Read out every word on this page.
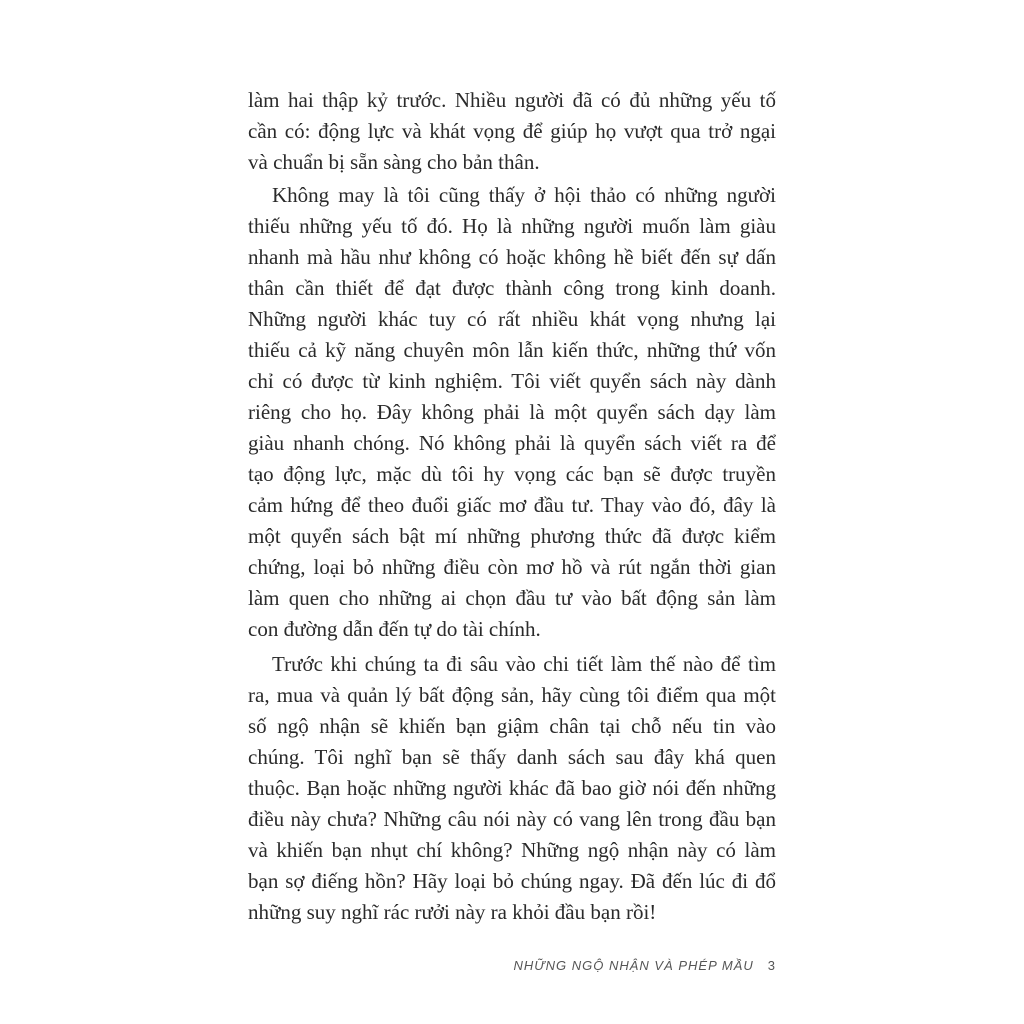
làm hai thập kỷ trước. Nhiều người đã có đủ những yếu tố
cần có: động lực và khát vọng để giúp họ vượt qua trở ngại
và chuẩn bị sẵn sàng cho bản thân.
Không may là tôi cũng thấy ở hội thảo có những người
thiếu những yếu tố đó. Họ là những người muốn làm giàu
nhanh mà hầu như không có hoặc không hề biết đến sự dấn
thân cần thiết để đạt được thành công trong kinh doanh.
Những người khác tuy có rất nhiều khát vọng nhưng lại
thiếu cả kỹ năng chuyên môn lẫn kiến thức, những thứ vốn
chỉ có được từ kinh nghiệm. Tôi viết quyển sách này dành
riêng cho họ. Đây không phải là một quyển sách dạy làm
giàu nhanh chóng. Nó không phải là quyển sách viết ra để
tạo động lực, mặc dù tôi hy vọng các bạn sẽ được truyền
cảm hứng để theo đuổi giấc mơ đầu tư. Thay vào đó, đây là
một quyển sách bật mí những phương thức đã được kiểm
chứng, loại bỏ những điều còn mơ hồ và rút ngắn thời gian
làm quen cho những ai chọn đầu tư vào bất động sản làm
con đường dẫn đến tự do tài chính.
Trước khi chúng ta đi sâu vào chi tiết làm thế nào để tìm
ra, mua và quản lý bất động sản, hãy cùng tôi điểm qua một
số ngộ nhận sẽ khiến bạn giậm chân tại chỗ nếu tin vào
chúng. Tôi nghĩ bạn sẽ thấy danh sách sau đây khá quen
thuộc. Bạn hoặc những người khác đã bao giờ nói đến những
điều này chưa? Những câu nói này có vang lên trong đầu bạn
và khiến bạn nhụt chí không? Những ngộ nhận này có làm
bạn sợ điếng hồn? Hãy loại bỏ chúng ngay. Đã đến lúc đi đổ
những suy nghĩ rác rưởi này ra khỏi đầu bạn rồi!
NHỮNG NGỘ NHẬN VÀ PHÉP MẦU 3
